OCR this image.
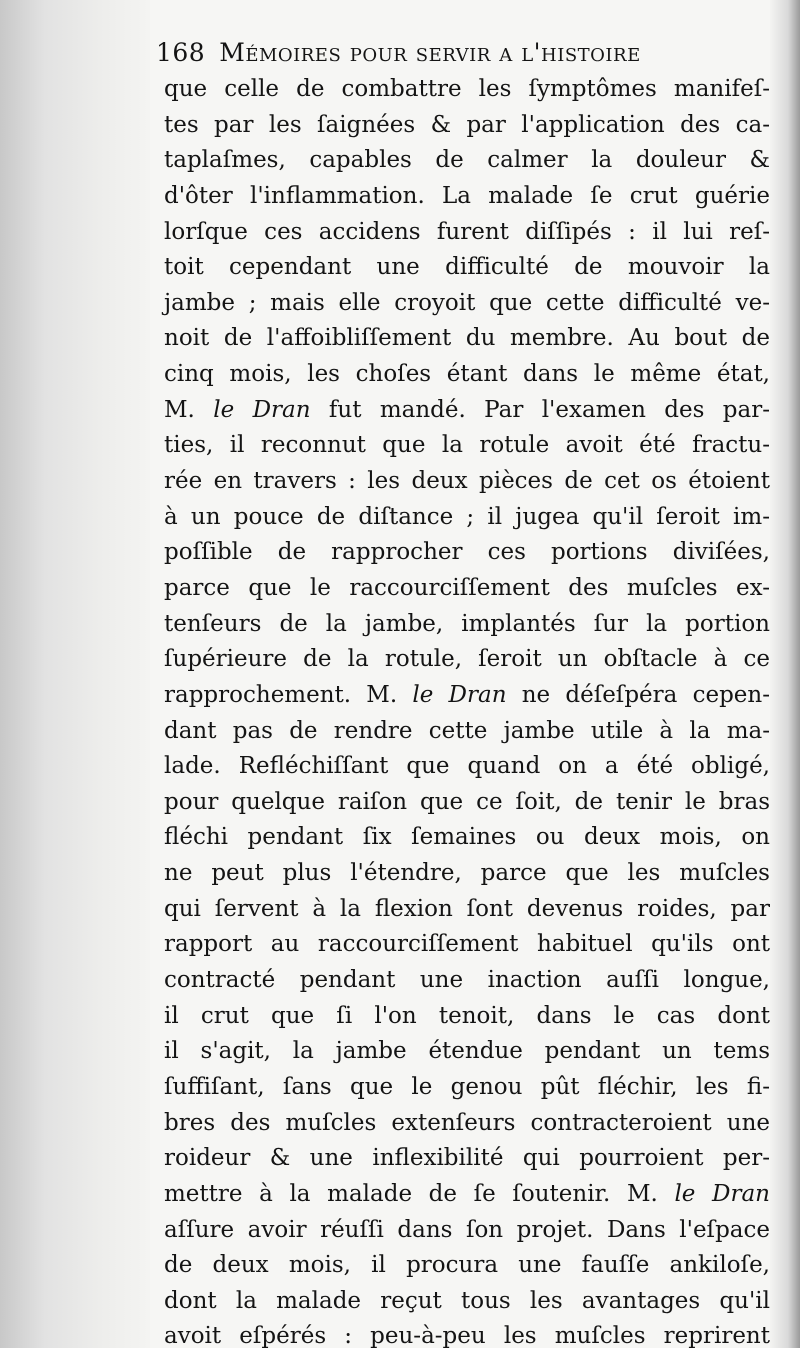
168 Mémoires pour servir a l'histoire
que celle de combattre les ſymptômes manifeſ-
tes par les ſaignées & par l'application des ca-
taplaſmes, capables de calmer la douleur &
d'ôter l'inflammation. La malade ſe crut guérie
lorſque ces accidens furent diſſipés : il lui reſ-
toit cependant une difficulté de mouvoir la
jambe ; mais elle croyoit que cette difficulté ve-
noit de l'affoibliſſement du membre. Au bout de
cinq mois, les choſes étant dans le même état,
M. le Dran fut mandé. Par l'examen des par-
ties, il reconnut que la rotule avoit été fractu-
rée en travers : les deux pièces de cet os étoient
à un pouce de diſtance ; il jugea qu'il ſeroit im-
poſſible de rapprocher ces portions diviſées,
parce que le raccourciſſement des muſcles ex-
tenſeurs de la jambe, implantés ſur la portion
ſupérieure de la rotule, ſeroit un obſtacle à ce
rapprochement. M. le Dran ne déſeſpéra cepen-
dant pas de rendre cette jambe utile à la ma-
lade. Refléchiſſant que quand on a été obligé,
pour quelque raiſon que ce ſoit, de tenir le bras
fléchi pendant ſix ſemaines ou deux mois, on
ne peut plus l'étendre, parce que les muſcles
qui ſervent à la flexion ſont devenus roides, par
rapport au raccourciſſement habituel qu'ils ont
contracté pendant une inaction auſſi longue,
il crut que ſi l'on tenoit, dans le cas dont
il s'agit, la jambe étendue pendant un tems
ſuffiſant, ſans que le genou pût fléchir, les fi-
bres des muſcles extenſeurs contracteroient une
roideur & une inflexibilité qui pourroient per-
mettre à la malade de ſe ſoutenir. M. le Dran
aſſure avoir réuſſi dans ſon projet. Dans l'eſpace
de deux mois, il procura une fauſſe ankiloſe,
dont la malade reçut tous les avantages qu'il
avoit eſpérés : peu-à-peu les muſcles reprirent
